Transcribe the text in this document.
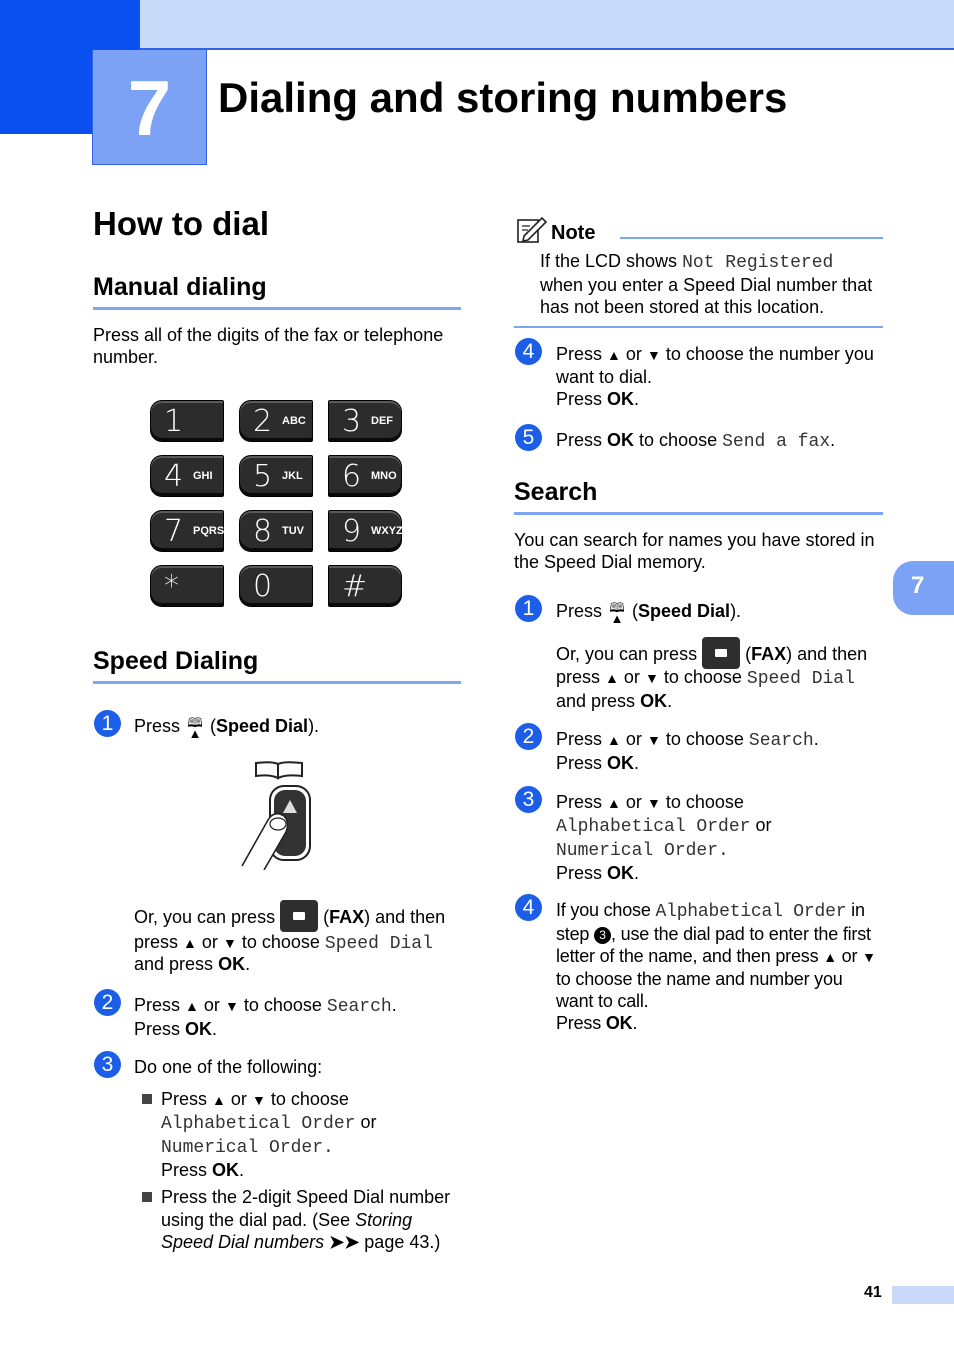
7	Dialing and storing numbers
7
41
How to dial
Manual dialing
Press all of the digits of the fax or telephone number.
1 2 ABC 3 DEF
4 GHI 5 JKL 6 MNO
7 PQRS 8 TUV 9 WXYZ
* 0 #
Speed Dialing
1	Press 🕮
▲ (Speed Dial).
Or, you can press  (FAX) and then
press ▲ or ▼ to choose Speed Dial
and press OK.
2	Press ▲ or ▼ to choose Search.
Press OK.
3	Do one of the following:
Press ▲ or ▼ to choose
Alphabetical Order or
Numerical Order.
Press OK.
Press the 2-digit Speed Dial number
using the dial pad. (See Storing
Speed Dial numbers ➤➤ page 43.)
Note
If the LCD shows Not Registered
when you enter a Speed Dial number that
has not been stored at this location.
4	Press ▲ or ▼ to choose the number you
want to dial.
Press OK.
5	Press OK to choose Send a fax.
Search
You can search for names you have stored in the Speed Dial memory.
1	Press 🕮
▲ (Speed Dial).
Or, you can press  (FAX) and then
press ▲ or ▼ to choose Speed Dial
and press OK.
2	Press ▲ or ▼ to choose Search.
Press OK.
3	Press ▲ or ▼ to choose
Alphabetical Order or
Numerical Order.
Press OK.
4	If you chose Alphabetical Order in
step 3 , use the dial pad to enter the first
letter of the name, and then press ▲ or ▼
to choose the name and number you
want to call.
Press OK.
